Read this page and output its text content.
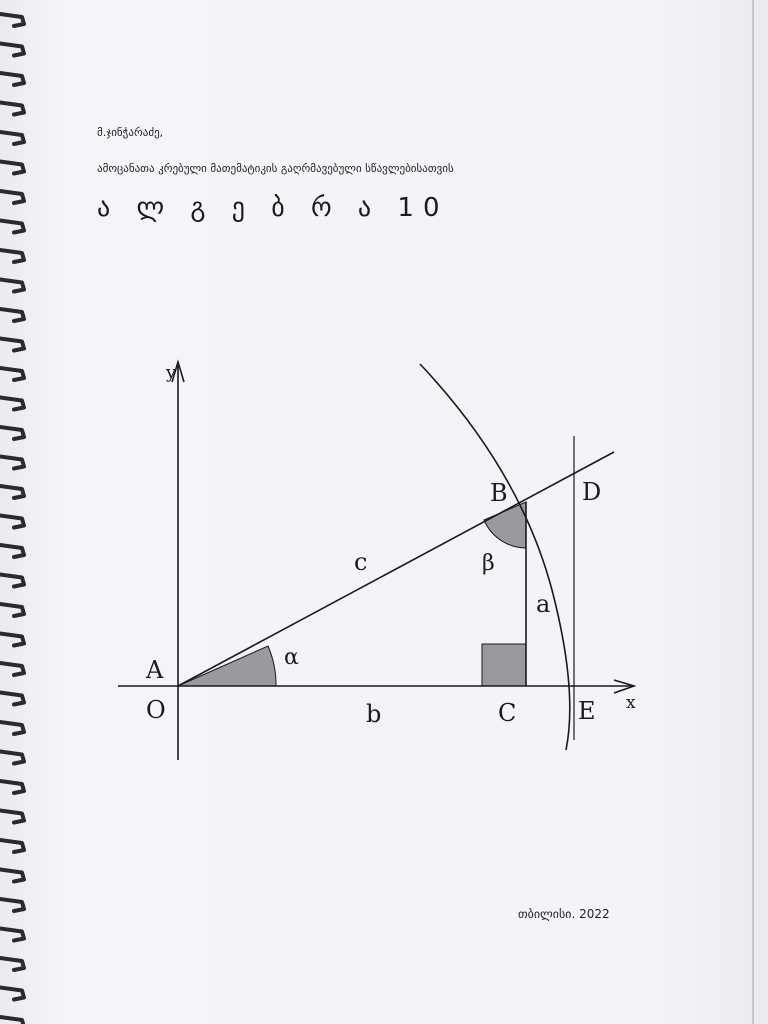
მ.ჯინჭარაძე,
ამოცანათა კრებული მათემატიკის გაღრმავებული სწავლებისათვის
ა ლ გ ე ბ რ ა 10
y
x
A
O
B
C
D
E
c
b
a
α
β
თბილისი. 2022
